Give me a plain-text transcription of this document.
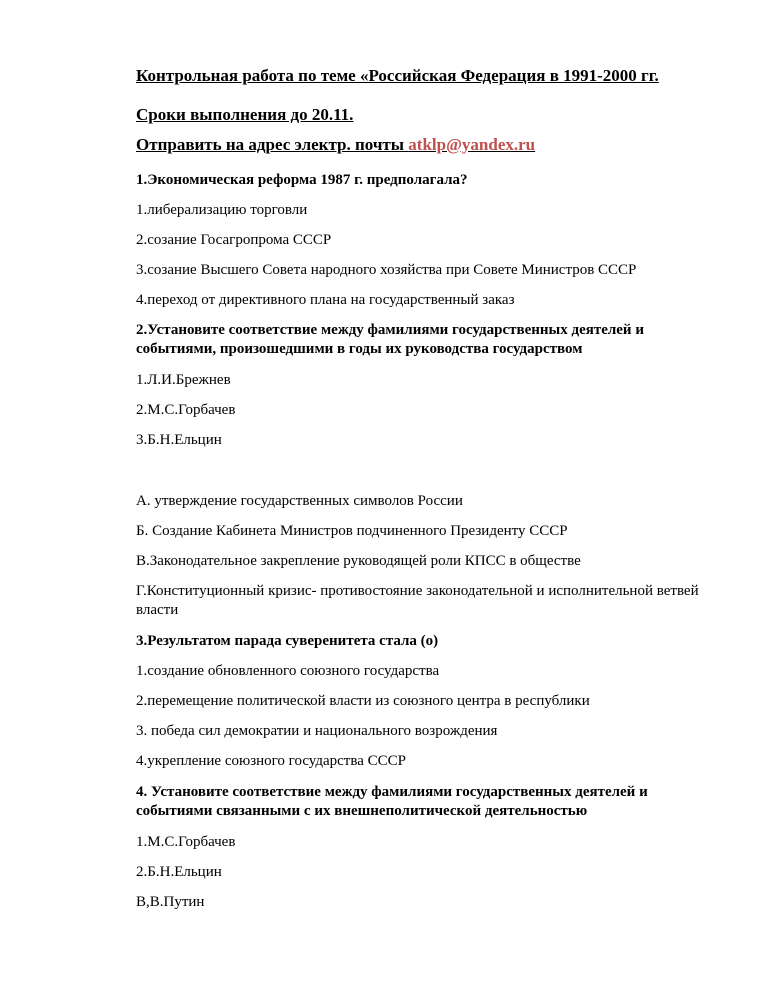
Контрольная работа по теме «Российская Федерация в 1991-2000 гг.
Сроки выполнения до 20.11.
Отправить на адрес электр. почты atklp@yandex.ru
1.Экономическая реформа 1987 г. предполагала?
1.либерализацию торговли
2.созание Госагропрома СССР
3.созание Высшего Совета народного хозяйства при Совете Министров СССР
4.переход от директивного плана на государственный заказ
2.Установите соответствие между фамилиями государственных деятелей и
событиями, произошедшими в годы их руководства государством
1.Л.И.Брежнев
2.М.С.Горбачев
3.Б.Н.Ельцин
А. утверждение государственных символов России
Б. Создание Кабинета Министров подчиненного Президенту СССР
В.Законодательное закрепление руководящей роли КПСС в обществе
Г.Конституционный кризис- противостояние законодательной и исполнительной ветвей
власти
3.Результатом парада суверенитета стала (о)
1.создание обновленного союзного государства
2.перемещение политической власти из союзного центра в республики
3. победа сил демократии и национального возрождения
4.укрепление союзного государства СССР
4. Установите соответствие между фамилиями государственных деятелей и
событиями связанными с их внешнеполитической деятельностью
1.М.С.Горбачев
2.Б.Н.Ельцин
В,В.Путин
